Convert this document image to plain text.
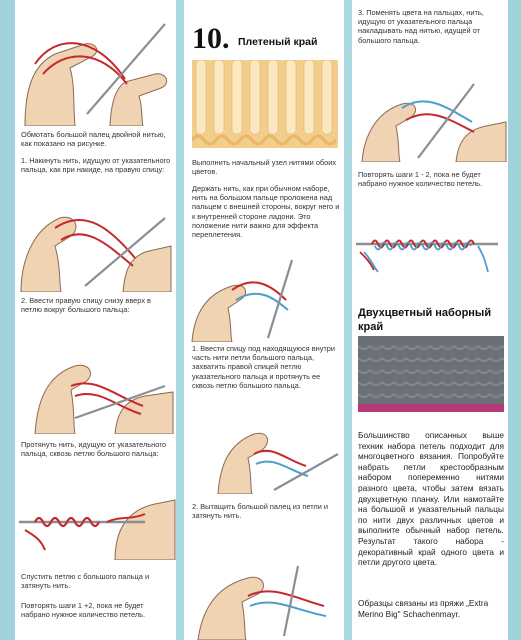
Обмотать большой палец двойной нитью, как показано на рисунке.
1. Накинуть нить, идущую от указательного пальца, как при накиде, на правую спицу:
2. Ввести правую спицу снизу вверх в петлю вокруг большого пальца:
Протянуть нить, идущую от указательного пальца, сквозь петлю большого пальца:
Спустить петлю с большого пальца и затянуть нить.
Повторять шаги 1 +2, пока не будет набрано нужное количество петель.
10. Плетеный край
Выполнить начальный узел нитями обоих цветов.
Держать нить, как при обычном наборе, нить на большом пальце проложена над пальцем с внешней стороны, вокруг него и к внутренней стороне ладони. Это положение нити важно для эффекта переплетения.
1. Ввести спицу под находящуюся внутри часть нити петли большого пальца, захватить правой спицей петлю указательного пальца и протянуть ее сквозь петлю большого пальца.
2. Вытащить большой палец из петли и затянуть нить.
3. Поменять цвета на пальцах, нить, идущую от указательного пальца накладывать над нитью, идущей от большого пальца.
Повторять шаги 1 - 2, пока не будет набрано нужное количество петель.
Двухцветный наборный край
Большинство описанных выше техник набора петель подходит для многоцветного вязания. Попробуйте набрать петли крестообразным набором попеременно нитями разного цвета, чтобы затем вязать двухцветную планку. Или намотайте на большой и указательный пальцы по нити двух различных цветов и выполните обычный набор петель. Результат такого набора - декоративный край одного цвета и петли другого цвета.
Образцы связаны из пряжи „Extra Merino Big" Schachenmayr.
